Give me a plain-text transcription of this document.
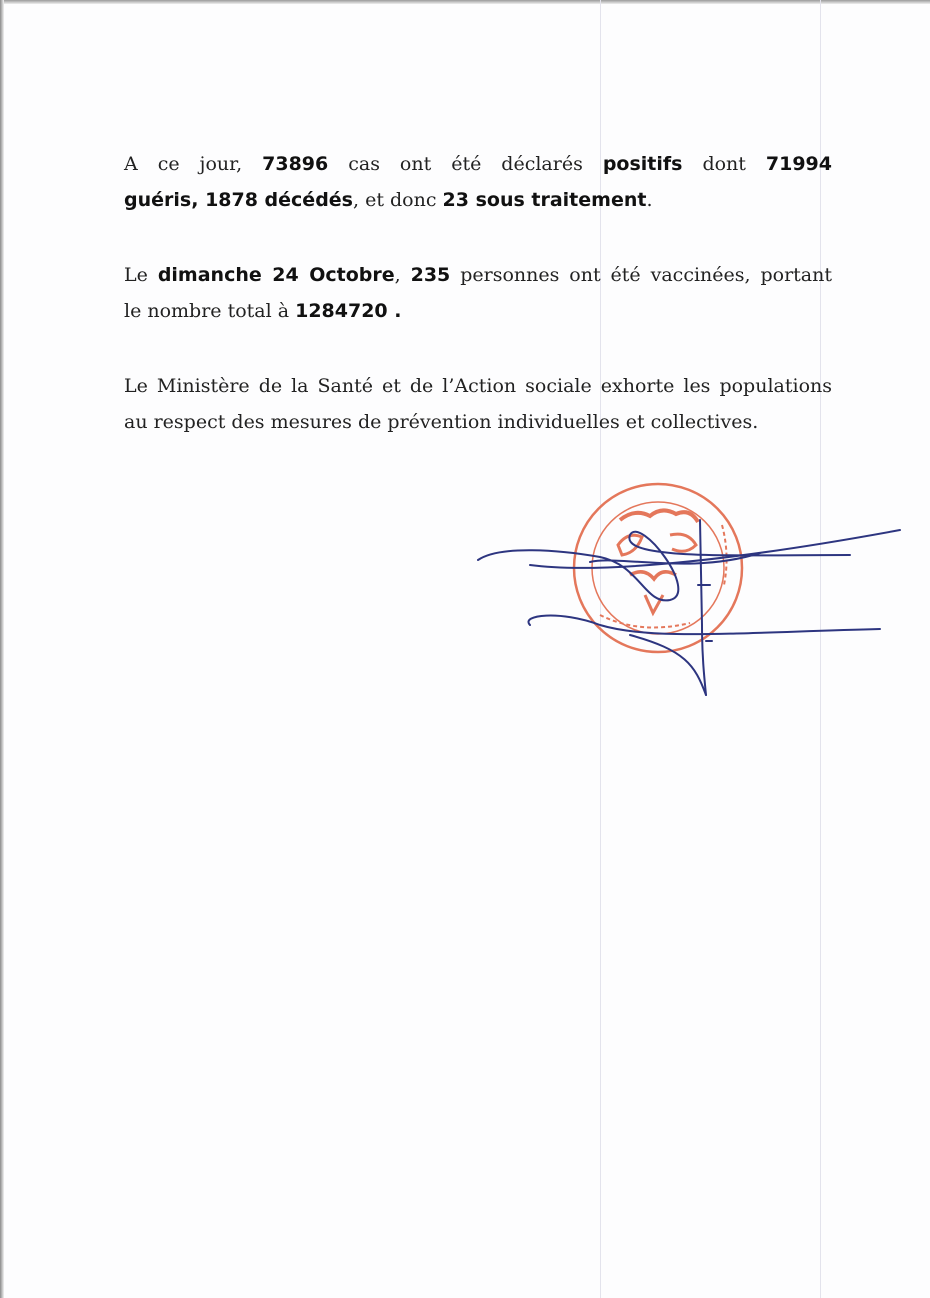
A ce jour, 73896 cas ont été déclarés positifs dont 71994
guéris, 1878 décédés, et donc 23 sous traitement.

Le dimanche 24 Octobre, 235 personnes ont été vaccinées, portant
le nombre total à 1284720 .

Le Ministère de la Santé et de l’Action sociale exhorte les populations
au respect des mesures de prévention individuelles et collectives.
